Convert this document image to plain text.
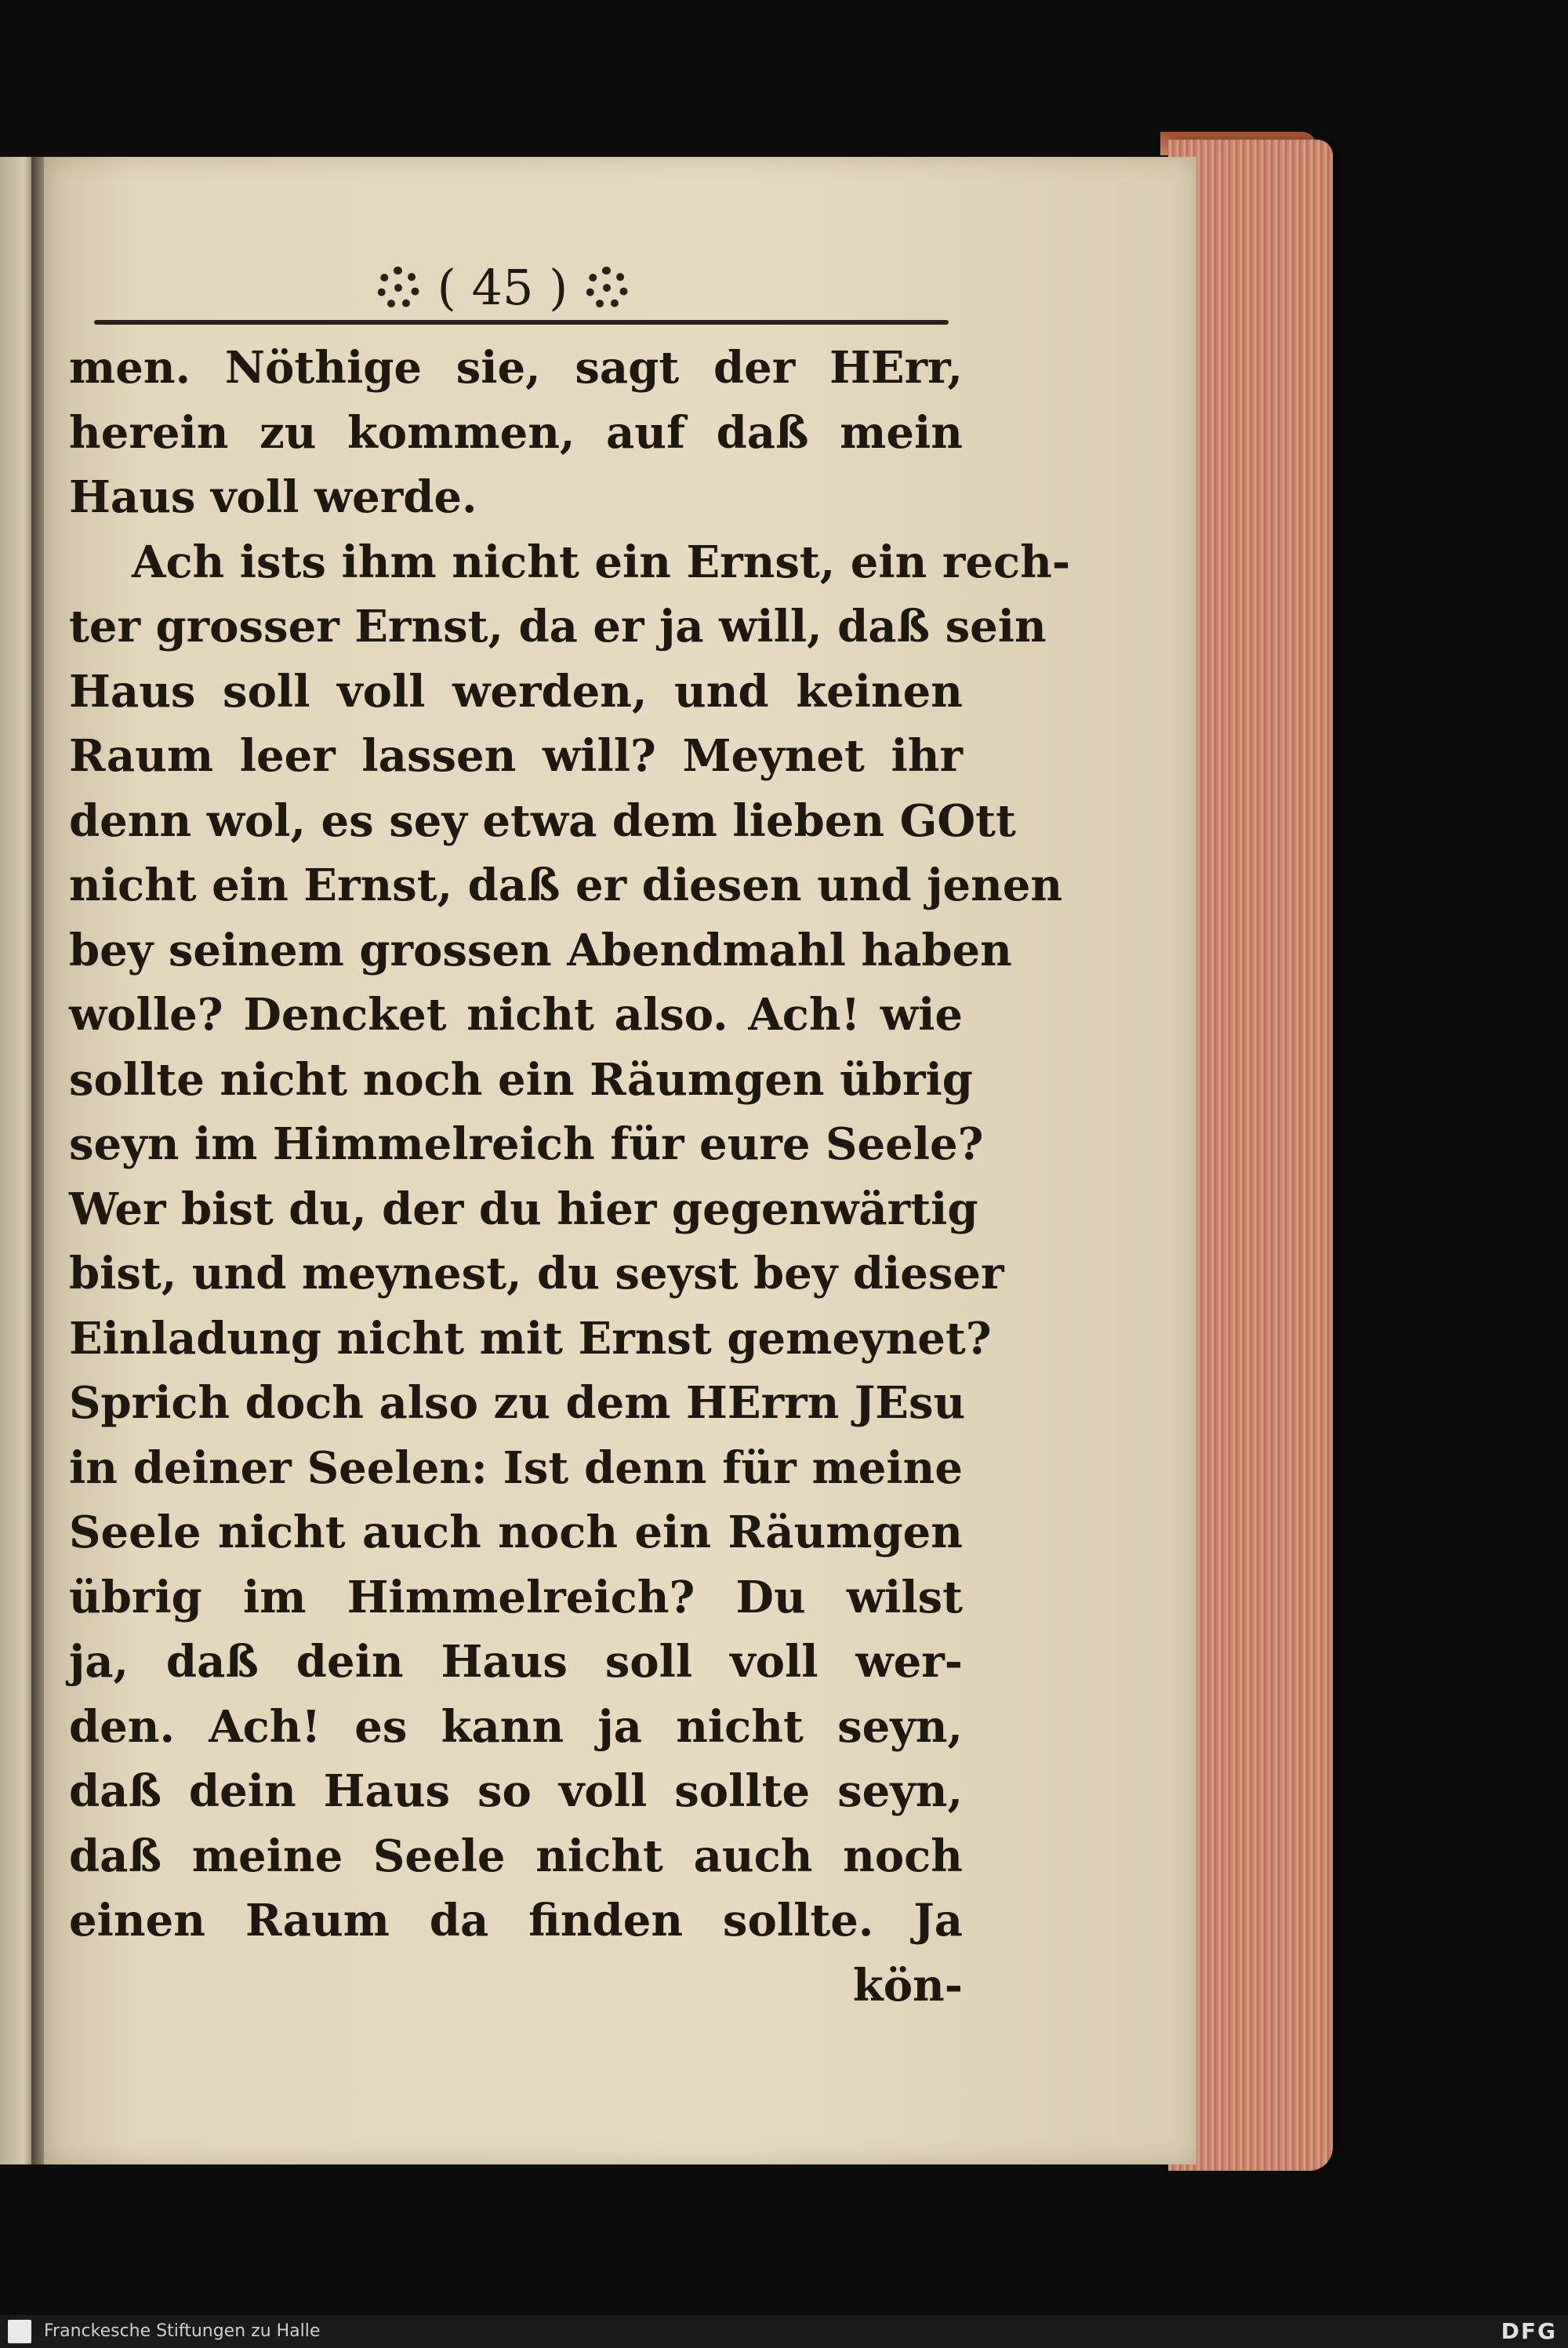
( 45 )
men. Nöthige sie, sagt der HErr,
herein zu kommen, auf daß mein
Haus voll werde.
Ach ists ihm nicht ein Ernst, ein rech-
ter grosser Ernst, da er ja will, daß sein
Haus soll voll werden, und keinen
Raum leer lassen will? Meynet ihr
denn wol, es sey etwa dem lieben GOtt
nicht ein Ernst, daß er diesen und jenen
bey seinem grossen Abendmahl haben
wolle? Dencket nicht also. Ach! wie
sollte nicht noch ein Räumgen übrig
seyn im Himmelreich für eure Seele?
Wer bist du, der du hier gegenwärtig
bist, und meynest, du seyst bey dieser
Einladung nicht mit Ernst gemeynet?
Sprich doch also zu dem HErrn JEsu
in deiner Seelen: Ist denn für meine
Seele nicht auch noch ein Räumgen
übrig im Himmelreich? Du wilst
ja, daß dein Haus soll voll wer-
den. Ach! es kann ja nicht seyn,
daß dein Haus so voll sollte seyn,
daß meine Seele nicht auch noch
einen Raum da finden sollte. Ja
kön-
Franckesche Stiftungen zu Halle	DFG
